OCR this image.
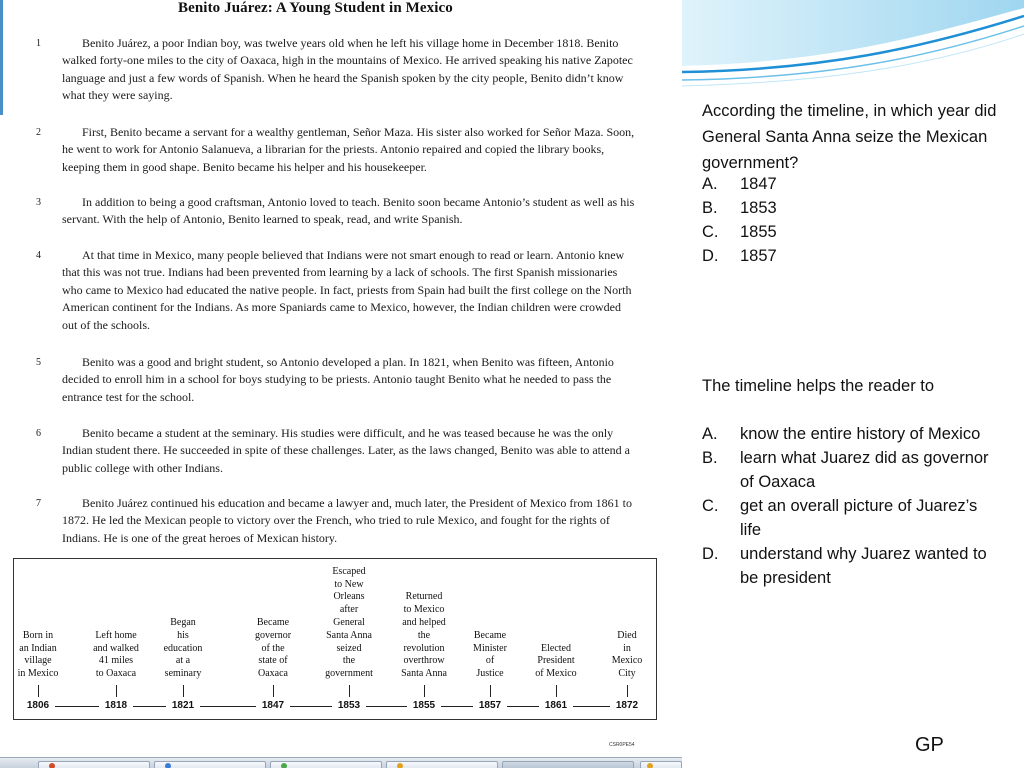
Benito Juárez: A Young Student in Mexico
1	Benito Juárez, a poor Indian boy, was twelve years old when he left his village home in December 1818. Benito walked forty-one miles to the city of Oaxaca, high in the mountains of Mexico. He arrived speaking his native Zapotec language and just a few words of Spanish. When he heard the Spanish spoken by the city people, Benito didn’t know what they were saying.
2	First, Benito became a servant for a wealthy gentleman, Señor Maza. His sister also worked for Señor Maza. Soon, he went to work for Antonio Salanueva, a librarian for the priests. Antonio repaired and copied the library books, keeping them in good shape. Benito became his helper and his housekeeper.
3	In addition to being a good craftsman, Antonio loved to teach. Benito soon became Antonio’s student as well as his servant. With the help of Antonio, Benito learned to speak, read, and write Spanish.
4	At that time in Mexico, many people believed that Indians were not smart enough to read or learn. Antonio knew that this was not true. Indians had been prevented from learning by a lack of schools. The first Spanish missionaries who came to Mexico had educated the native people. In fact, priests from Spain had built the first college on the North American continent for the Indians. As more Spaniards came to Mexico, however, the Indian children were crowded out of the schools.
5	Benito was a good and bright student, so Antonio developed a plan. In 1821, when Benito was fifteen, Antonio decided to enroll him in a school for boys studying to be priests. Antonio taught Benito what he needed to pass the entrance test for the school.
6	Benito became a student at the seminary. His studies were difficult, and he was teased because he was the only Indian student there. He succeeded in spite of these challenges. Later, as the laws changed, Benito was able to attend a public college with other Indians.
7	Benito Juárez continued his education and became a lawyer and, much later, the President of Mexico from 1861 to 1872. He led the Mexican people to victory over the French, who tried to rule Mexico, and fought for the rights of Indians. He is one of the great heroes of Mexican history.
Born in
an Indian
village
in Mexico
1806
Left home
and walked
41 miles
to Oaxaca
1818
Began
his
education
at a
seminary
1821
Became
governor
of the
state of
Oaxaca
1847
Escaped
to New
Orleans
after
General
Santa Anna
seized
the
government
1853
Returned
to Mexico
and helped
the
revolution
overthrow
Santa Anna
1855
Became
Minister
of
Justice
1857
Elected
President
of Mexico
1861
Died
in
Mexico
City
1872
CSR0PE54
According the timeline, in which year did General Santa Anna seize the Mexican government?
A.	1847
B.	1853
C.	1855
D.	1857
The timeline helps the reader to
A.	know the entire history of Mexico
B.	learn what Juarez did as governor of Oaxaca
C.	get an overall picture of Juarez’s life
D.	understand why Juarez wanted to be president
GP
